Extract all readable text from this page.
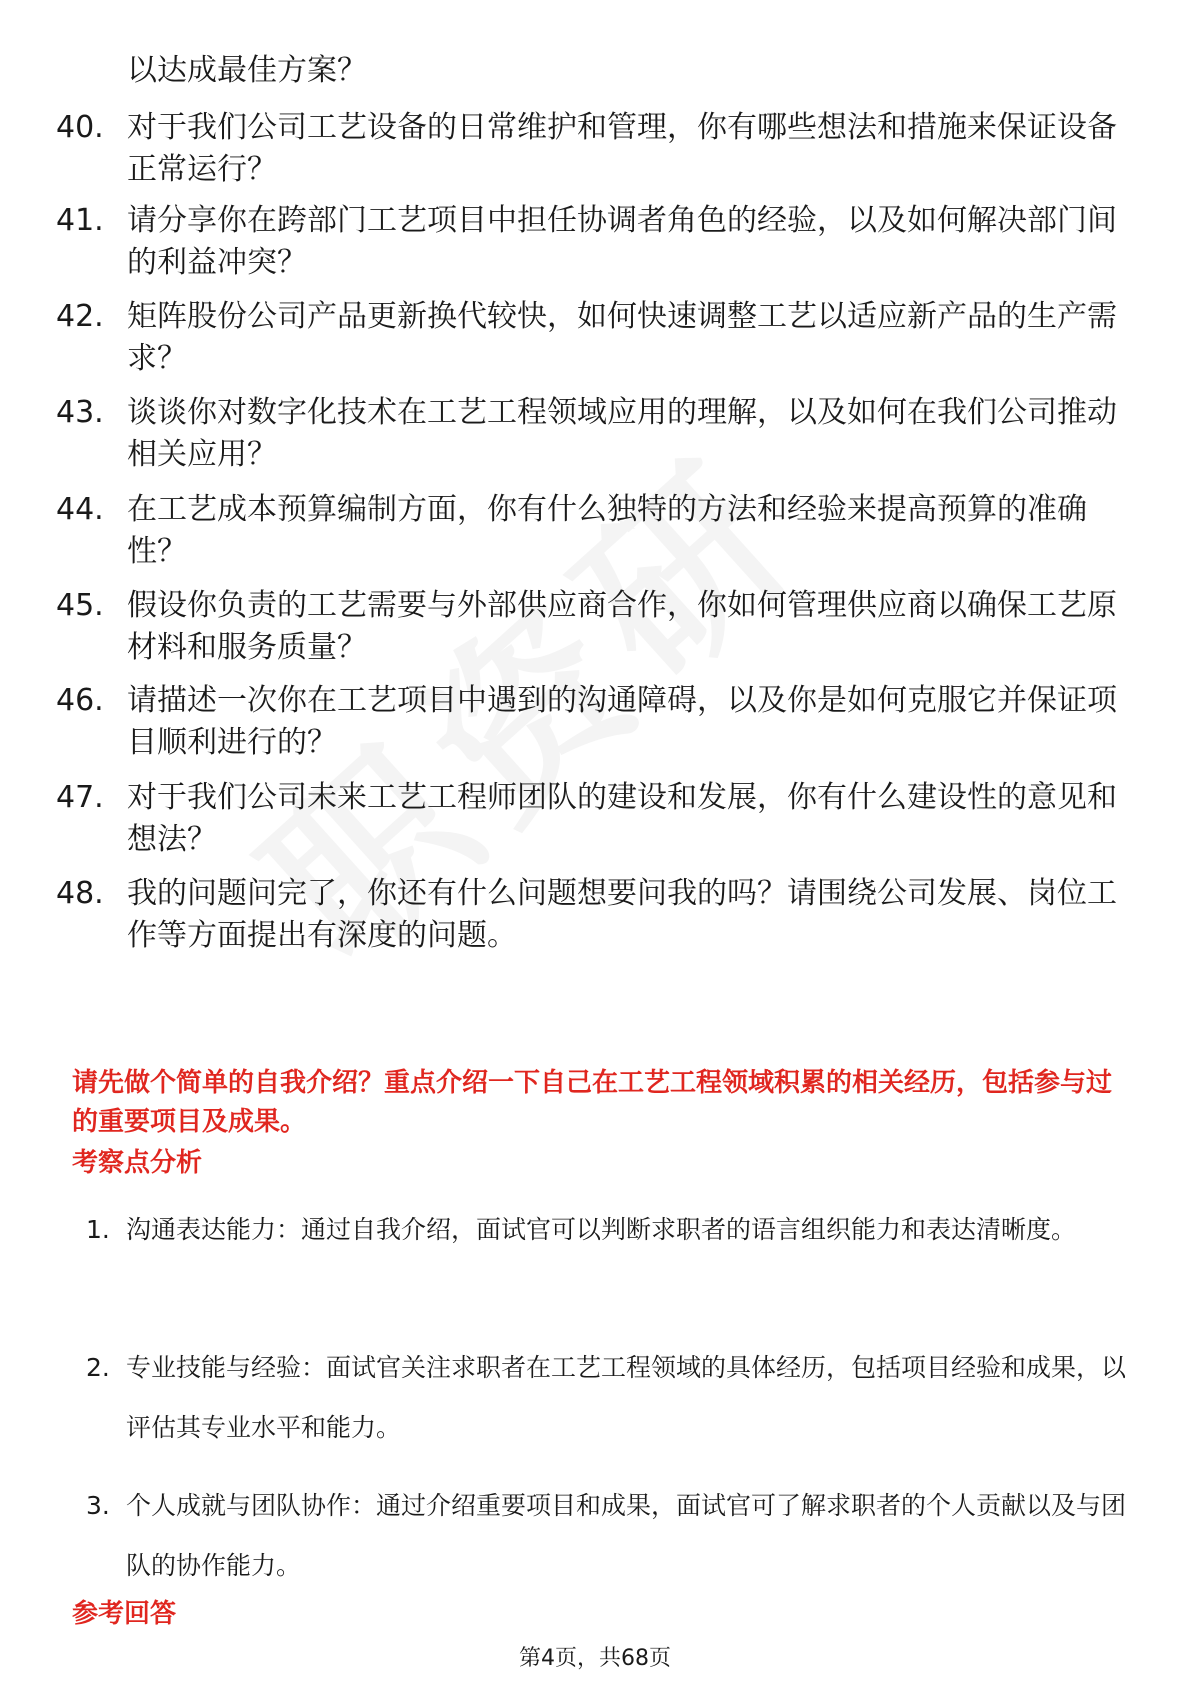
以达成最佳方案？
40. 对于我们公司工艺设备的日常维护和管理，你有哪些想法和措施来保证设备正常运行？
41. 请分享你在跨部门工艺项目中担任协调者角色的经验，以及如何解决部门间的利益冲突？
42. 矩阵股份公司产品更新换代较快，如何快速调整工艺以适应新产品的生产需求？
43. 谈谈你对数字化技术在工艺工程领域应用的理解，以及如何在我们公司推动相关应用？
44. 在工艺成本预算编制方面，你有什么独特的方法和经验来提高预算的准确性？
45. 假设你负责的工艺需要与外部供应商合作，你如何管理供应商以确保工艺原材料和服务质量？
46. 请描述一次你在工艺项目中遇到的沟通障碍，以及你是如何克服它并保证项目顺利进行的？
47. 对于我们公司未来工艺工程师团队的建设和发展，你有什么建设性的意见和想法？
48. 我的问题问完了，你还有什么问题想要问我的吗？请围绕公司发展、岗位工作等方面提出有深度的问题。
请先做个简单的自我介绍？重点介绍一下自己在工艺工程领域积累的相关经历，包括参与过的重要项目及成果。
考察点分析
1. 沟通表达能力：通过自我介绍，面试官可以判断求职者的语言组织能力和表达清晰度。
2. 专业技能与经验：面试官关注求职者在工艺工程领域的具体经历，包括项目经验和成果，以评估其专业水平和能力。
3. 个人成就与团队协作：通过介绍重要项目和成果，面试官可了解求职者的个人贡献以及与团队的协作能力。
参考回答
第4页，共68页
